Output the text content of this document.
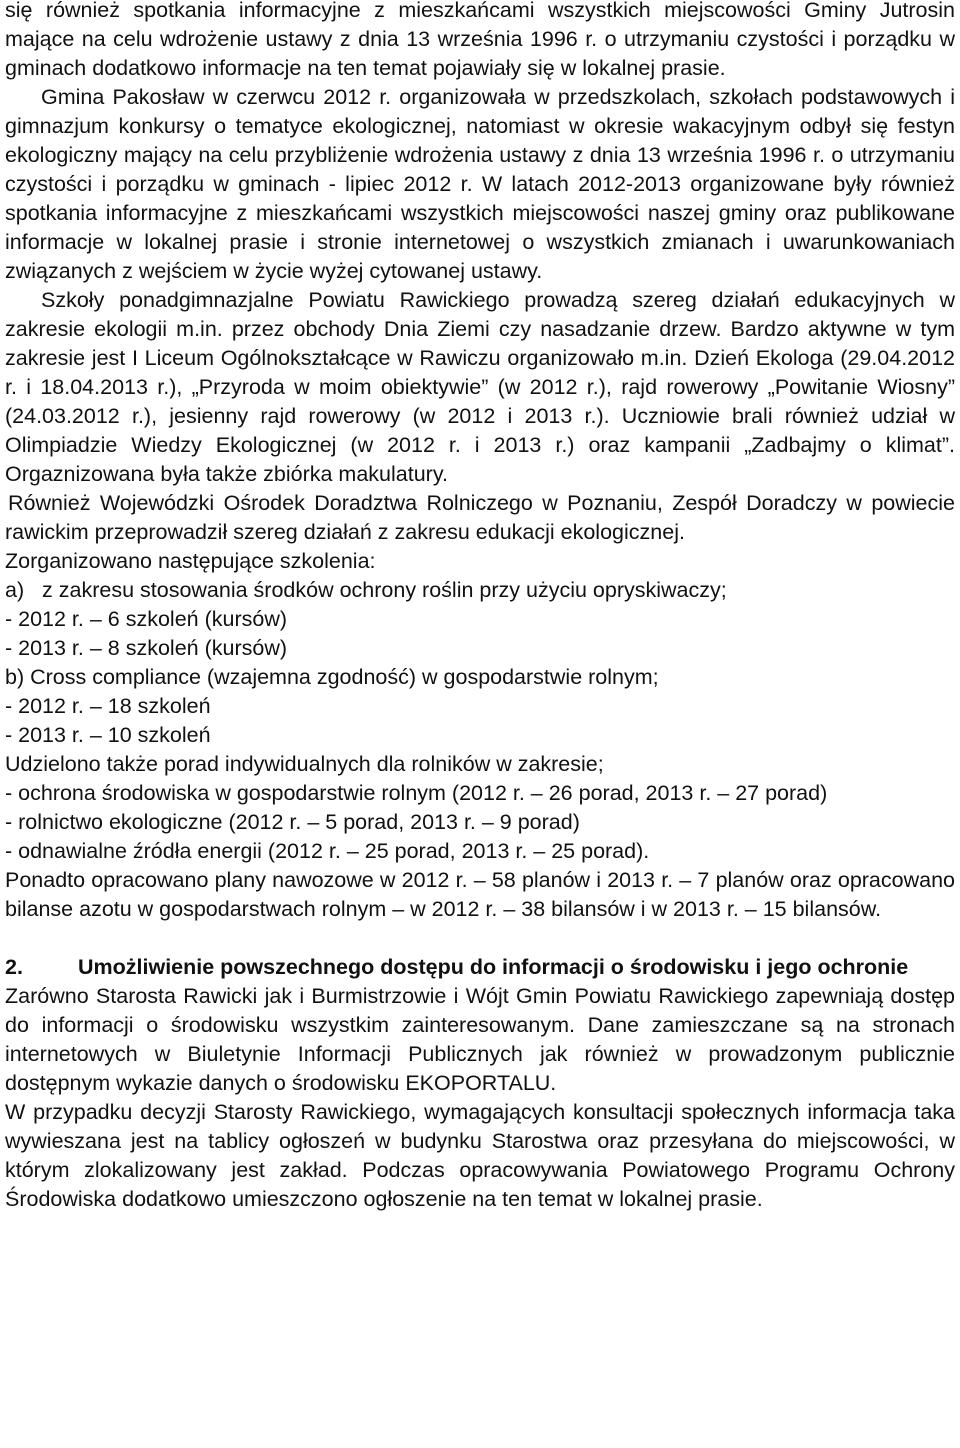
się również spotkania informacyjne z mieszkańcami wszystkich miejscowości Gminy Jutrosin mające na celu wdrożenie ustawy z dnia 13 września 1996 r. o utrzymaniu czystości i porządku w gminach dodatkowo informacje na ten temat pojawiały się w lokalnej prasie.

Gmina Pakosław w czerwcu 2012 r. organizowała w przedszkolach, szkołach podstawowych i gimnazjum konkursy o tematyce ekologicznej, natomiast w okresie wakacyjnym odbył się festyn ekologiczny mający na celu przybliżenie wdrożenia ustawy z dnia 13 września 1996 r. o utrzymaniu czystości i porządku w gminach - lipiec 2012 r. W latach 2012-2013 organizowane były również spotkania informacyjne z mieszkańcami wszystkich miejscowości naszej gminy oraz publikowane informacje w lokalnej prasie i stronie internetowej o wszystkich zmianach i uwarunkowaniach związanych z wejściem w życie wyżej cytowanej ustawy.

Szkoły ponadgimnazjalne Powiatu Rawickiego prowadzą szereg działań edukacyjnych w zakresie ekologii m.in. przez obchody Dnia Ziemi czy nasadzanie drzew. Bardzo aktywne w tym zakresie jest I Liceum Ogólnokształcące w Rawiczu organizowało m.in. Dzień Ekologa (29.04.2012 r. i 18.04.2013 r.), „Przyroda w moim obiektywie” (w 2012 r.), rajd rowerowy „Powitanie Wiosny” (24.03.2012 r.), jesienny rajd rowerowy (w 2012 i 2013 r.). Uczniowie brali również udział w Olimpiadzie Wiedzy Ekologicznej (w 2012 r. i 2013 r.) oraz kampanii „Zadbajmy o klimat”. Orgaznizowana była także zbiórka makulatury.

Również Wojewódzki Ośrodek Doradztwa Rolniczego w Poznaniu, Zespół Doradczy w powiecie rawickim przeprowadził szereg działań z zakresu edukacji ekologicznej.

Zorganizowano następujące szkolenia:
a)   z zakresu stosowania środków ochrony roślin przy użyciu opryskiwaczy;
- 2012 r. – 6 szkoleń (kursów)
- 2013 r. – 8 szkoleń (kursów)
b) Cross compliance (wzajemna zgodność) w gospodarstwie rolnym;
- 2012 r. – 18 szkoleń
- 2013 r. – 10 szkoleń
Udzielono także porad indywidualnych dla rolników w zakresie;

- ochrona środowiska w gospodarstwie rolnym (2012 r. – 26 porad, 2013 r. – 27 porad)

- rolnictwo ekologiczne (2012 r. – 5 porad, 2013 r. – 9 porad)
- odnawialne źródła energii (2012 r. – 25 porad, 2013 r. – 25 porad).

Ponadto opracowano plany nawozowe w 2012 r. – 58 planów i 2013 r. – 7 planów oraz opracowano bilanse azotu w gospodarstwach rolnym – w 2012 r. – 38 bilansów i w 2013 r. – 15 bilansów.

2.	Umożliwienie powszechnego dostępu do informacji o środowisku i jego ochronie

Zarówno Starosta Rawicki jak i Burmistrzowie i Wójt Gmin Powiatu Rawickiego zapewniają dostęp do informacji o środowisku wszystkim zainteresowanym. Dane zamieszczane są na stronach internetowych w Biuletynie Informacji Publicznych jak również w prowadzonym publicznie dostępnym wykazie danych o środowisku EKOPORTALU.

W przypadku decyzji Starosty Rawickiego, wymagających konsultacji społecznych informacja taka wywieszana jest na tablicy ogłoszeń w budynku Starostwa oraz przesyłana do miejscowości, w którym zlokalizowany jest zakład. Podczas opracowywania Powiatowego Programu Ochrony Środowiska dodatkowo umieszczono ogłoszenie na ten temat w lokalnej prasie.
